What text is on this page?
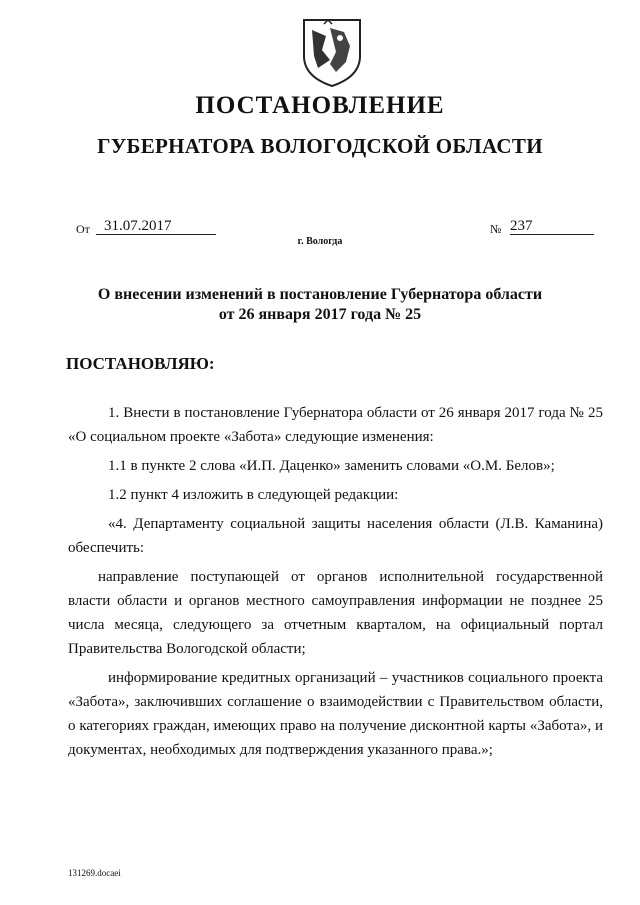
ПОСТАНОВЛЕНИЕ
ГУБЕРНАТОРА ВОЛОГОДСКОЙ ОБЛАСТИ
От 31.07.2017	№ 237
г. Вологда
О внесении изменений в постановление Губернатора области
от 26 января 2017 года № 25
ПОСТАНОВЛЯЮ:

1. Внести в постановление Губернатора области от 26 января 2017 года № 25 «О социальном проекте «Забота» следующие изменения:

1.1 в пункте 2 слова «И.П. Даценко» заменить словами «О.М. Белов»;

1.2 пункт 4 изложить в следующей редакции:

«4. Департаменту социальной защиты населения области (Л.В. Каманина) обеспечить:

направление поступающей от органов исполнительной государственной власти области и органов местного самоуправления информации не позднее 25 числа месяца, следующего за отчетным кварталом, на официальный портал Правительства Вологодской области;

информирование кредитных организаций – участников социального проекта «Забота», заключивших соглашение о взаимодействии с Правительством области, о категориях граждан, имеющих право на получение дисконтной карты «Забота», и документах, необходимых для подтверждения указанного права.»;

131269.docaei
